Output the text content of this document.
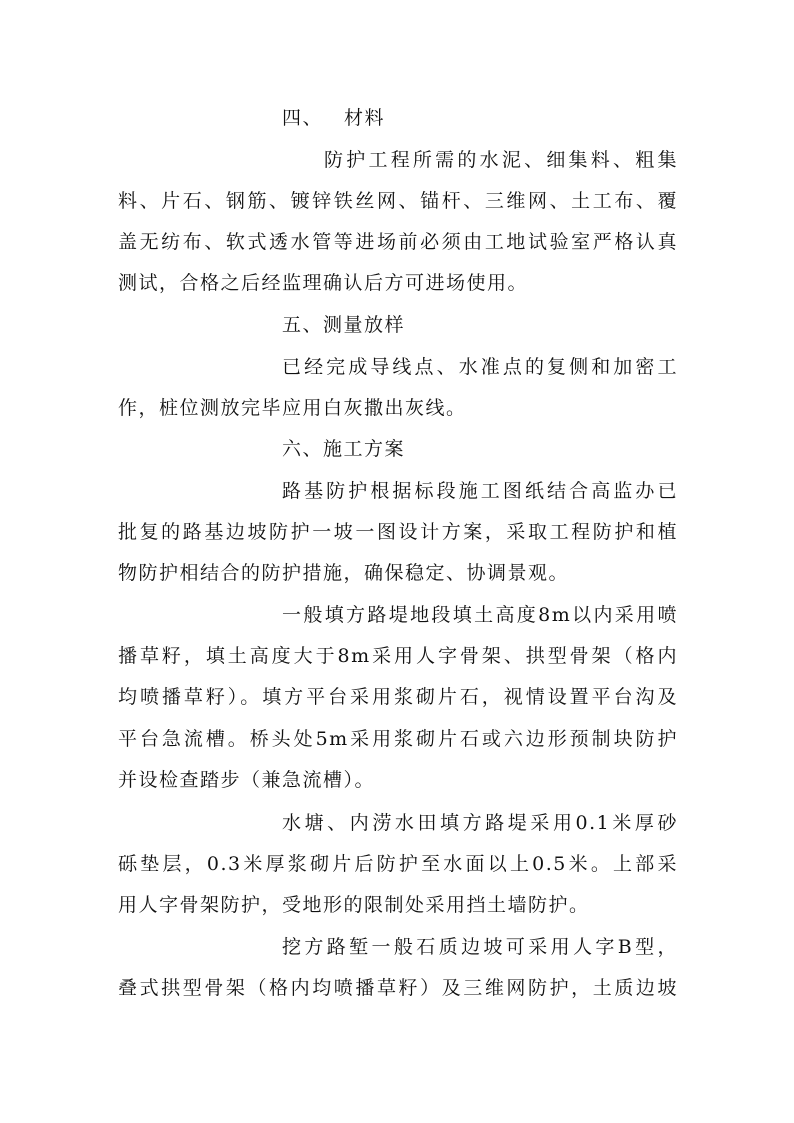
四、 材料
防护工程所需的水泥、细集料、粗集
料、片石、钢筋、镀锌铁丝网、锚杆、三维网、土工布、覆
盖无纺布、软式透水管等进场前必须由工地试验室严格认真
测试，合格之后经监理确认后方可进场使用。
五、测量放样
已经完成导线点、水准点的复侧和加密工
作，桩位测放完毕应用白灰撒出灰线。
六、施工方案
路基防护根据标段施工图纸结合高监办已
批复的路基边坡防护一坡一图设计方案，采取工程防护和植
物防护相结合的防护措施，确保稳定、协调景观。
一般填方路堤地段填土高度8m以内采用喷
播草籽，填土高度大于8m采用人字骨架、拱型骨架（格内
均喷播草籽）。填方平台采用浆砌片石，视情设置平台沟及
平台急流槽。桥头处5m采用浆砌片石或六边形预制块防护
并设检查踏步（兼急流槽）。
水塘、内涝水田填方路堤采用0.1米厚砂
砾垫层，0.3米厚浆砌片后防护至水面以上0.5米。上部采
用人字骨架防护，受地形的限制处采用挡土墙防护。
挖方路堑一般石质边坡可采用人字B型，
叠式拱型骨架（格内均喷播草籽）及三维网防护，土质边坡
